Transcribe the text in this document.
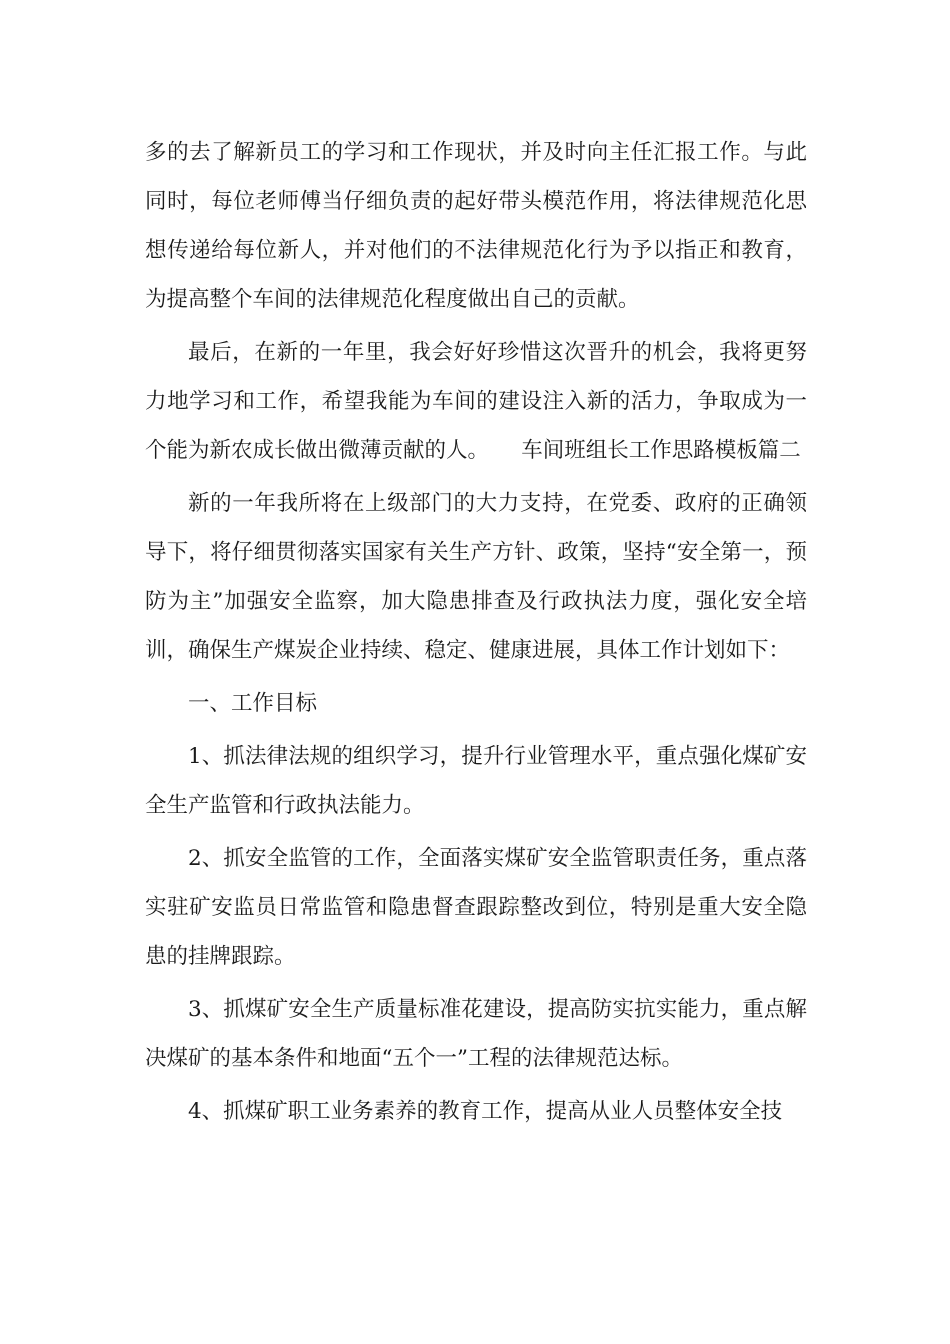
多的去了解新员工的学习和工作现状，并及时向主任汇报工作。与此同时，每位老师傅当仔细负责的起好带头模范作用，将法律规范化思想传递给每位新人，并对他们的不法律规范化行为予以指正和教育，为提高整个车间的法律规范化程度做出自己的贡献。

最后，在新的一年里，我会好好珍惜这次晋升的机会，我将更努力地学习和工作，希望我能为车间的建设注入新的活力，争取成为一个能为新农成长做出微薄贡献的人。　　车间班组长工作思路模板篇二

新的一年我所将在上级部门的大力支持，在党委、政府的正确领导下，将仔细贯彻落实国家有关生产方针、政策，坚持“安全第一，预防为主”加强安全监察，加大隐患排查及行政执法力度，强化安全培训，确保生产煤炭企业持续、稳定、健康进展，具体工作计划如下：

一、工作目标

1、抓法律法规的组织学习，提升行业管理水平，重点强化煤矿安全生产监管和行政执法能力。

2、抓安全监管的工作，全面落实煤矿安全监管职责任务，重点落实驻矿安监员日常监管和隐患督查跟踪整改到位，特别是重大安全隐患的挂牌跟踪。

3、抓煤矿安全生产质量标准花建设，提高防实抗实能力，重点解决煤矿的基本条件和地面“五个一”工程的法律规范达标。

4、抓煤矿职工业务素养的教育工作，提高从业人员整体安全技
